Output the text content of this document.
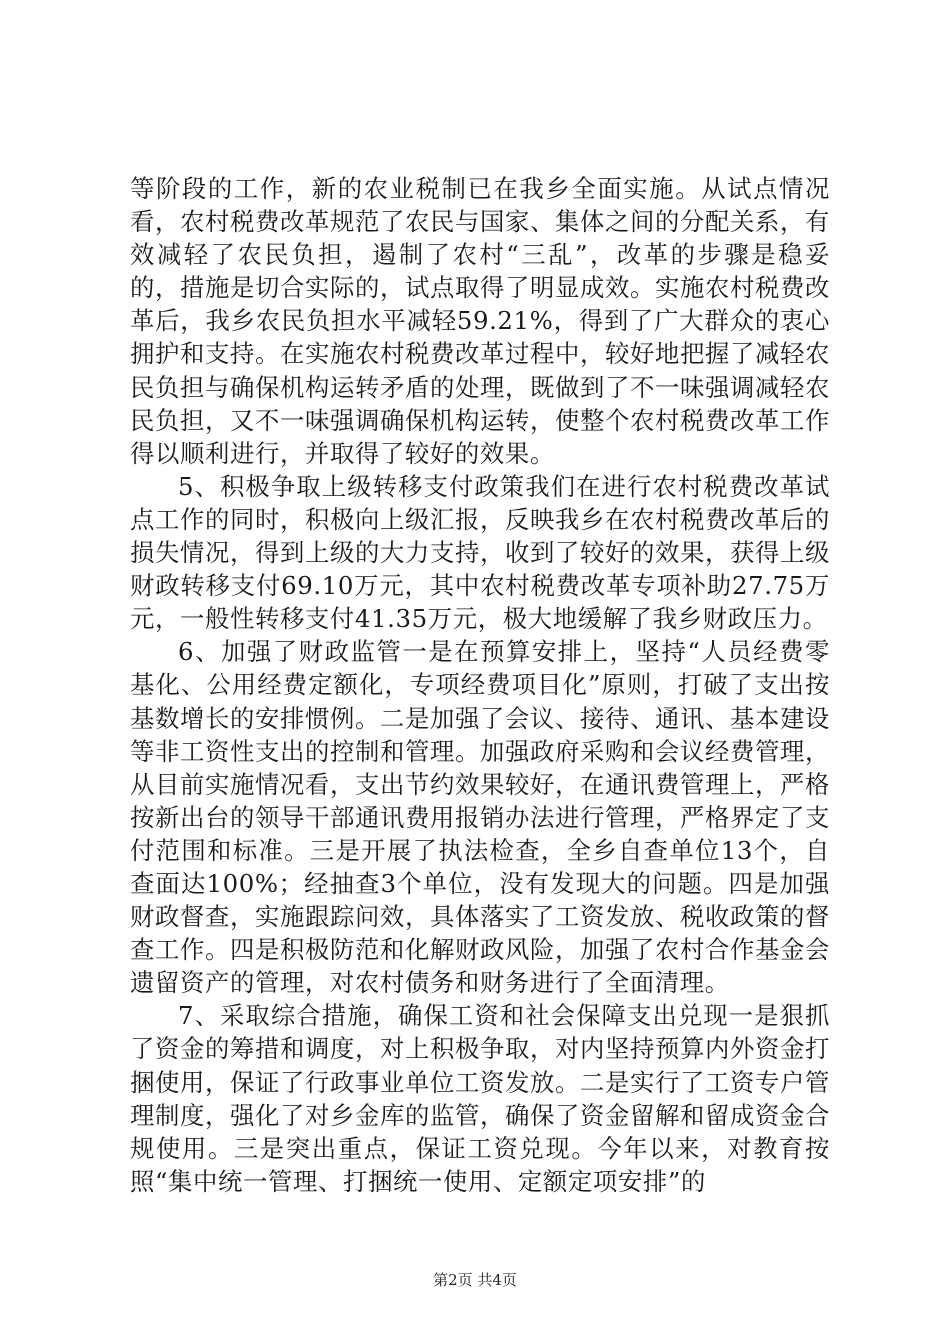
等阶段的工作，新的农业税制已在我乡全面实施。从试点情况看，农村税费改革规范了农民与国家、集体之间的分配关系，有效减轻了农民负担，遏制了农村“三乱”，改革的步骤是稳妥的，措施是切合实际的，试点取得了明显成效。实施农村税费改革后，我乡农民负担水平减轻59.21%，得到了广大群众的衷心拥护和支持。在实施农村税费改革过程中，较好地把握了减轻农民负担与确保机构运转矛盾的处理，既做到了不一味强调减轻农民负担，又不一味强调确保机构运转，使整个农村税费改革工作得以顺利进行，并取得了较好的效果。

5、积极争取上级转移支付政策我们在进行农村税费改革试点工作的同时，积极向上级汇报，反映我乡在农村税费改革后的损失情况，得到上级的大力支持，收到了较好的效果，获得上级财政转移支付69.10万元，其中农村税费改革专项补助27.75万元，一般性转移支付41.35万元，极大地缓解了我乡财政压力。

6、加强了财政监管一是在预算安排上，坚持“人员经费零基化、公用经费定额化，专项经费项目化”原则，打破了支出按基数增长的安排惯例。二是加强了会议、接待、通讯、基本建设等非工资性支出的控制和管理。加强政府采购和会议经费管理，从目前实施情况看，支出节约效果较好，在通讯费管理上，严格按新出台的领导干部通讯费用报销办法进行管理，严格界定了支付范围和标准。三是开展了执法检查，全乡自查单位13个，自查面达100%；经抽查3个单位，没有发现大的问题。四是加强财政督查，实施跟踪问效，具体落实了工资发放、税收政策的督查工作。四是积极防范和化解财政风险，加强了农村合作基金会遗留资产的管理，对农村债务和财务进行了全面清理。

7、采取综合措施，确保工资和社会保障支出兑现一是狠抓了资金的筹措和调度，对上积极争取，对内坚持预算内外资金打捆使用，保证了行政事业单位工资发放。二是实行了工资专户管理制度，强化了对乡金库的监管，确保了资金留解和留成资金合规使用。三是突出重点，保证工资兑现。今年以来，对教育按照“集中统一管理、打捆统一使用、定额定项安排”的

第2页 共4页
